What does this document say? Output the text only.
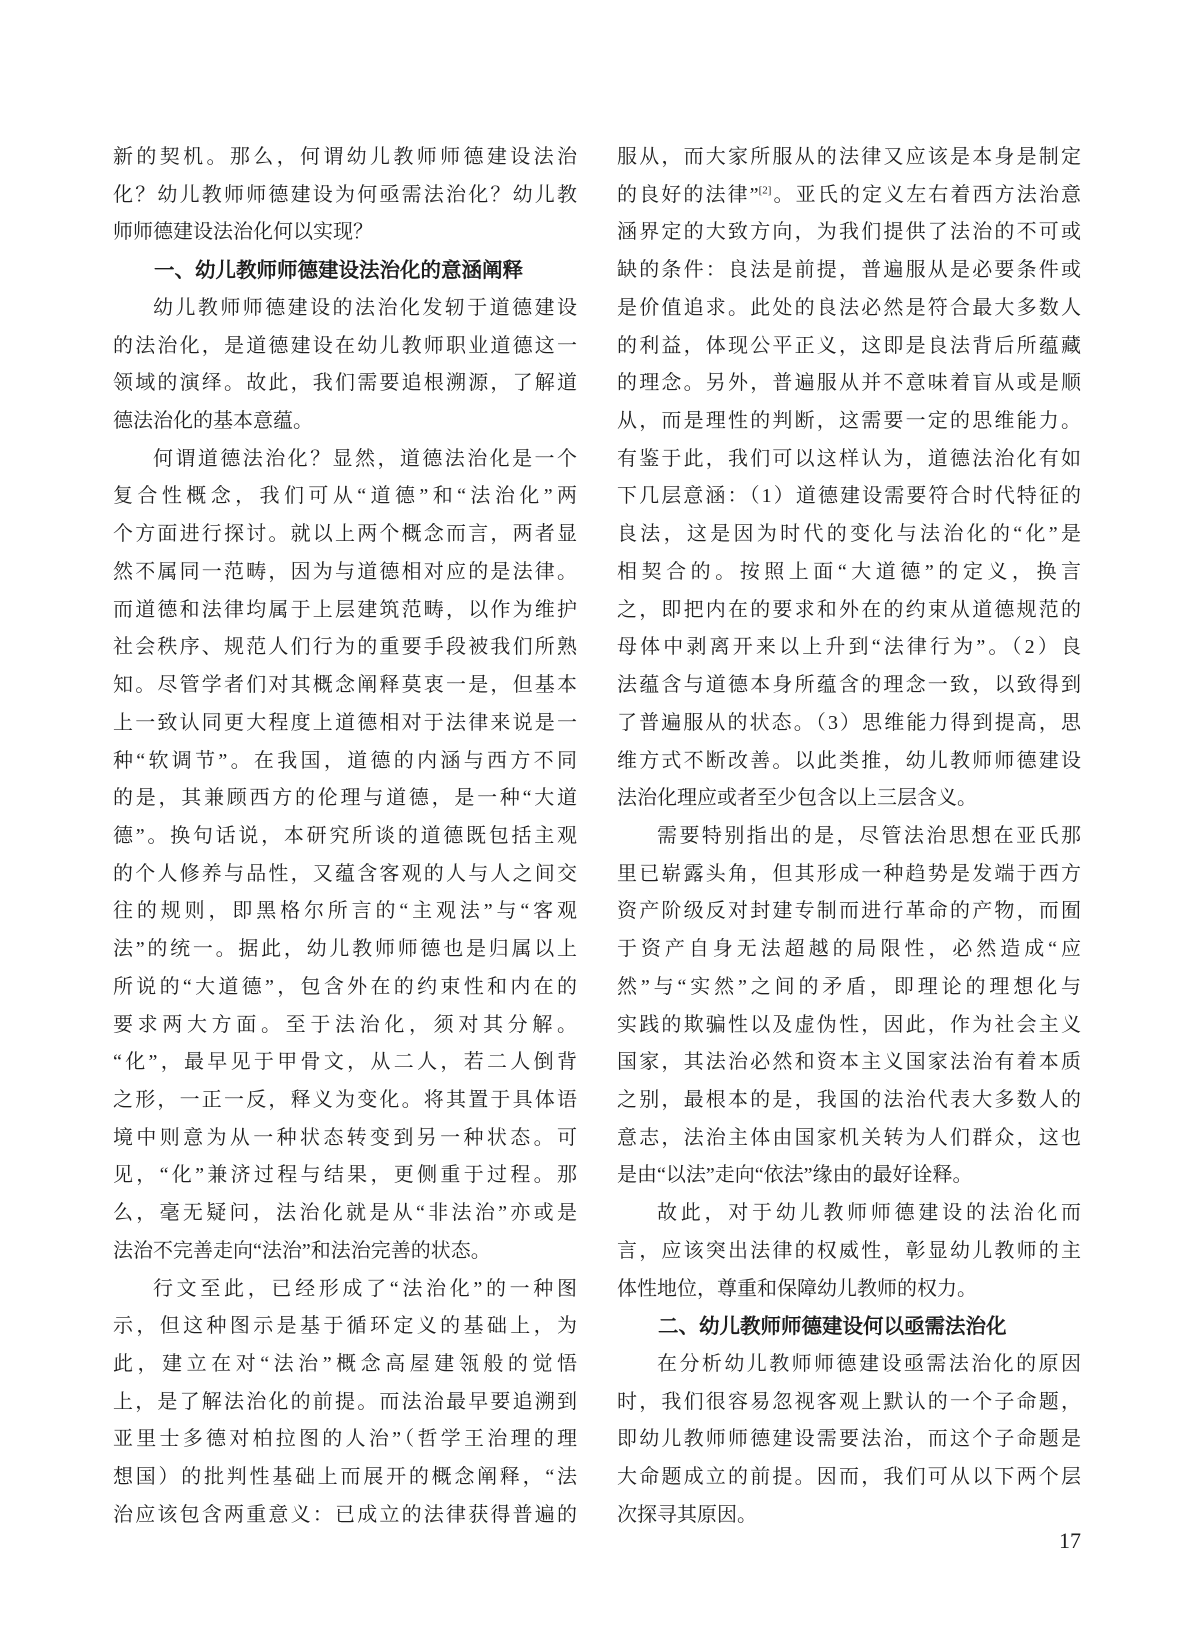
新的契机。那么，何谓幼儿教师师德建设法治
化？幼儿教师师德建设为何亟需法治化？幼儿教
师师德建设法治化何以实现？
一、幼儿教师师德建设法治化的意涵阐释
幼儿教师师德建设的法治化发轫于道德建设
的法治化，是道德建设在幼儿教师职业道德这一
领域的演绎。故此，我们需要追根溯源，了解道
德法治化的基本意蕴。
何谓道德法治化？显然，道德法治化是一个
复合性概念，我们可从“道德”和“法治化”两
个方面进行探讨。就以上两个概念而言，两者显
然不属同一范畴，因为与道德相对应的是法律。
而道德和法律均属于上层建筑范畴，以作为维护
社会秩序、规范人们行为的重要手段被我们所熟
知。尽管学者们对其概念阐释莫衷一是，但基本
上一致认同更大程度上道德相对于法律来说是一
种“软调节”。在我国，道德的内涵与西方不同
的是，其兼顾西方的伦理与道德，是一种“大道
德”。换句话说，本研究所谈的道德既包括主观
的个人修养与品性，又蕴含客观的人与人之间交
往的规则，即黑格尔所言的“主观法”与“客观
法”的统一。据此，幼儿教师师德也是归属以上
所说的“大道德”，包含外在的约束性和内在的
要求两大方面。至于法治化，须对其分解。
“化”，最早见于甲骨文，从二人，若二人倒背
之形，一正一反，释义为变化。将其置于具体语
境中则意为从一种状态转变到另一种状态。可
见，“化”兼济过程与结果，更侧重于过程。那
么，毫无疑问，法治化就是从“非法治”亦或是
法治不完善走向“法治”和法治完善的状态。
行文至此，已经形成了“法治化”的一种图
示，但这种图示是基于循环定义的基础上，为
此，建立在对“法治”概念高屋建瓴般的觉悟
上，是了解法治化的前提。而法治最早要追溯到
亚里士多德对柏拉图的人治”（哲学王治理的理
想国）的批判性基础上而展开的概念阐释，“法
治应该包含两重意义：已成立的法律获得普遍的
服从，而大家所服从的法律又应该是本身是制定
的良好的法律”[2]。亚氏的定义左右着西方法治意
涵界定的大致方向，为我们提供了法治的不可或
缺的条件：良法是前提，普遍服从是必要条件或
是价值追求。此处的良法必然是符合最大多数人
的利益，体现公平正义，这即是良法背后所蕴藏
的理念。另外，普遍服从并不意味着盲从或是顺
从，而是理性的判断，这需要一定的思维能力。
有鉴于此，我们可以这样认为，道德法治化有如
下几层意涵：（1）道德建设需要符合时代特征的
良法，这是因为时代的变化与法治化的“化”是
相契合的。按照上面“大道德”的定义，换言
之，即把内在的要求和外在的约束从道德规范的
母体中剥离开来以上升到“法律行为”。（2）良
法蕴含与道德本身所蕴含的理念一致，以致得到
了普遍服从的状态。（3）思维能力得到提高，思
维方式不断改善。以此类推，幼儿教师师德建设
法治化理应或者至少包含以上三层含义。
需要特别指出的是，尽管法治思想在亚氏那
里已崭露头角，但其形成一种趋势是发端于西方
资产阶级反对封建专制而进行革命的产物，而囿
于资产自身无法超越的局限性，必然造成“应
然”与“实然”之间的矛盾，即理论的理想化与
实践的欺骗性以及虚伪性，因此，作为社会主义
国家，其法治必然和资本主义国家法治有着本质
之别，最根本的是，我国的法治代表大多数人的
意志，法治主体由国家机关转为人们群众，这也
是由“以法”走向“依法”缘由的最好诠释。
故此，对于幼儿教师师德建设的法治化而
言，应该突出法律的权威性，彰显幼儿教师的主
体性地位，尊重和保障幼儿教师的权力。
二、幼儿教师师德建设何以亟需法治化
在分析幼儿教师师德建设亟需法治化的原因
时，我们很容易忽视客观上默认的一个子命题，
即幼儿教师师德建设需要法治，而这个子命题是
大命题成立的前提。因而，我们可从以下两个层
次探寻其原因。
17
